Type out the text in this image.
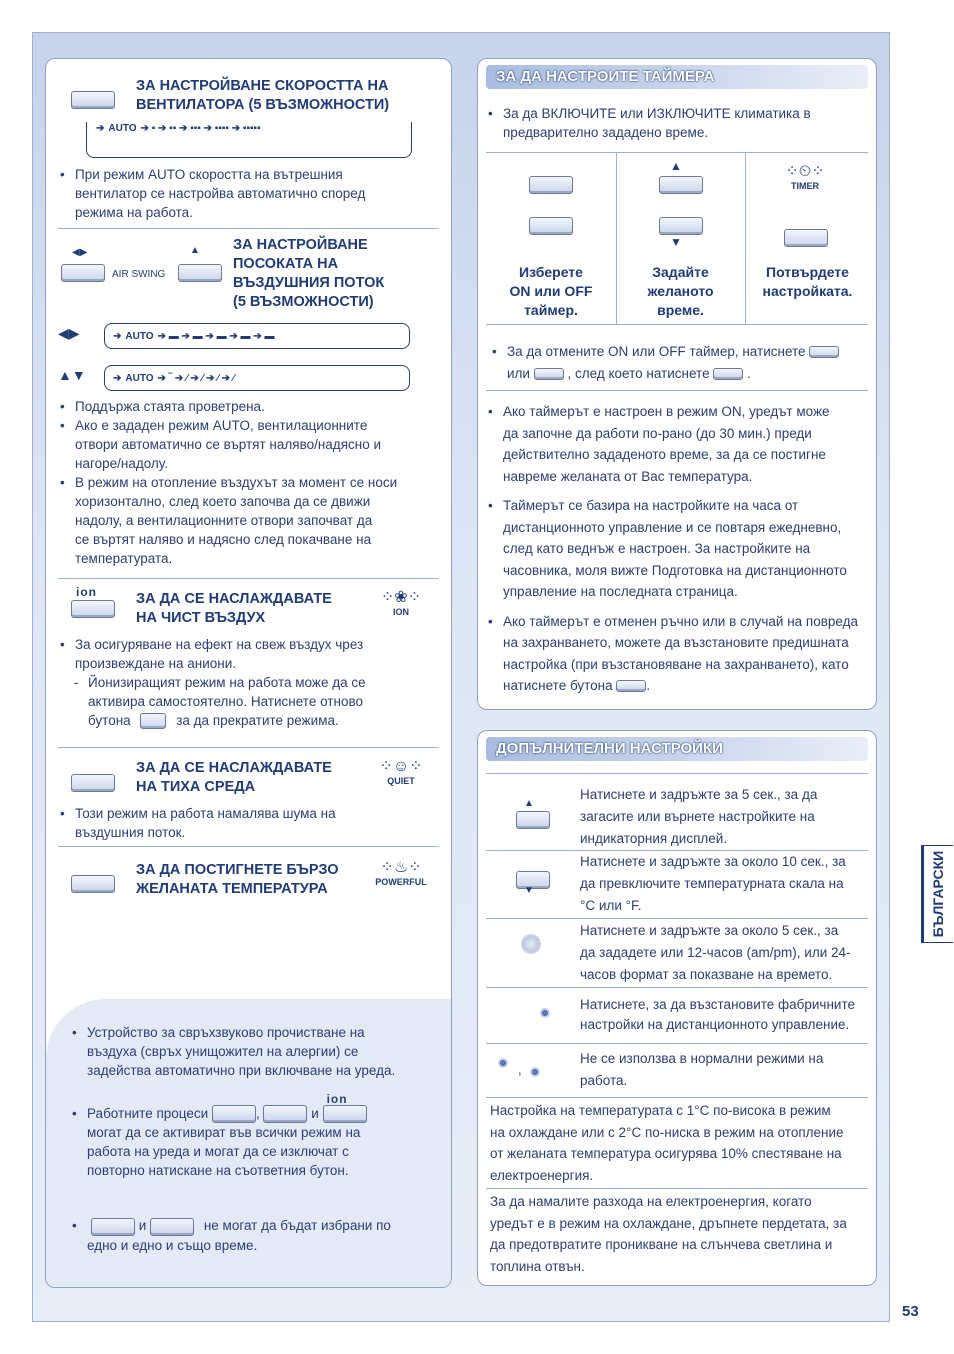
ЗА НАСТРОЙВАНЕ СКОРОСТТА НА
ВЕНТИЛАТОРА (5 ВЪЗМОЖНОСТИ)
➔ AUTO ➔ ▪ ➔ ▪▪ ➔ ▪▪▪ ➔ ▪▪▪▪ ➔ ▪▪▪▪▪
• При режим AUTO скоростта на вътрешния
вентилатор се настройва автоматично според
режима на работа.
◀▶
AIR SWING
▲ ЗА НАСТРОЙВАНЕ
ПОСОКАТА НА
ВЪЗДУШНИЯ ПОТОК
(5 ВЪЗМОЖНОСТИ)
◀▶	➔ AUTO ➔ ▬ ➔ ▬ ➔ ▬ ➔ ▬ ➔ ▬
▲▼	➔ AUTO ➔ ‾ ➔ ⁄ ➔ ⁄ ➔ ⁄ ➔ ⁄
• Поддържа стаята проветрена.
• Ако е зададен режим AUTO, вентилационните
отвори автоматично се въртят наляво/надясно и
нагоре/надолу.
• В режим на отопление въздухът за момент се носи
хоризонтално, след което започва да се движи
надолу, а вентилационните отвори започват да
се въртят наляво и надясно след покачване на
температурата.
ion	ЗА ДА СЕ НАСЛАЖДАВАТЕ
НА ЧИСТ ВЪЗДУХ
⁘❀⁘
ION
• За осигуряване на ефект на свеж въздух чрез
произвеждане на аниони.
- Йонизиращият режим на работа може да се
активира самостоятелно. Натиснете отново
бутона	за да прекратите режима.
ЗА ДА СЕ НАСЛАЖДАВАТЕ
НА ТИХА СРЕДА
⁘☺⁘
QUIET
• Този режим на работа намалява шума на
въздушния поток.
ЗА ДА ПОСТИГНЕТЕ БЪРЗО
ЖЕЛАНАТА ТЕМПЕРАТУРА
⁘♨⁘
POWERFUL
• Устройство за свръхзвуково прочистване на
въздуха (свръх унищожител на алергии) се
задейства автоматично при включване на уреда.
• Работните процеси	,	и
ion

могат да се активират във всички режим на
работа на уреда и могат да се изключат с
повторно натискане на съответния бутон.
• и	не могат да бъдат избрани по
едно и едно и също време.
ЗА ДА НАСТРОИТЕ ТАЙМЕРА
• За да ВКЛЮЧИТЕ или ИЗКЛЮЧИТЕ климатика в
предварително зададено време.
▲
▼
⁘⏲⁘
TIMER
Изберете
ON или OFF
таймер.
Задайте
желаното
време.
Потвърдете
настройката.
• За да отмените ON или OFF таймер, натиснете
или	, след което натиснете	.
• Ако таймерът е настроен в режим ON, уредът може
да започне да работи по-рано (до 30 мин.) преди
действително зададеното време, за да се постигне
навреме желаната от Вас температура.
• Таймерът се базира на настройките на часа от
дистанционното управление и се повтаря ежедневно,
след като веднъж е настроен. За настройките на
часовника, моля вижте Подготовка на дистанционното
управление на последната страница.
• Ако таймерът е отменен ръчно или в случай на повреда
на захранването, можете да възстановите предишната
настройка (при възстановяване на захранването), като
натиснете бутона	.
ДОПЪЛНИТЕЛНИ НАСТРОЙКИ
▲
Натиснете и задръжте за 5 сек., за да
загасите или върнете настройките на
индикаторния дисплей.
▼
Натиснете и задръжте за около 10 сек., за
да превключите температурната скала на
°C или °F.
Натиснете и задръжте за около 5 сек., за
да зададете или 12-часов (am/pm), или 24-
часов формат за показване на времето.
Натиснете, за да възстановите фабричните
настройки на дистанционното управление.
,
Не се използва в нормални режими на
работа.
Настройка на температурата с 1°C по-висока в режим
на охлаждане или с 2°C по-ниска в режим на отопление
от желаната температура осигурява 10% спестяване на
електроенергия.
За да намалите разхода на електроенергия, когато
уредът е в режим на охлаждане, дръпнете пердетата, за
да предотвратите проникване на слънчева светлина и
топлина отвън.
БЪЛГАРСКИ
53
